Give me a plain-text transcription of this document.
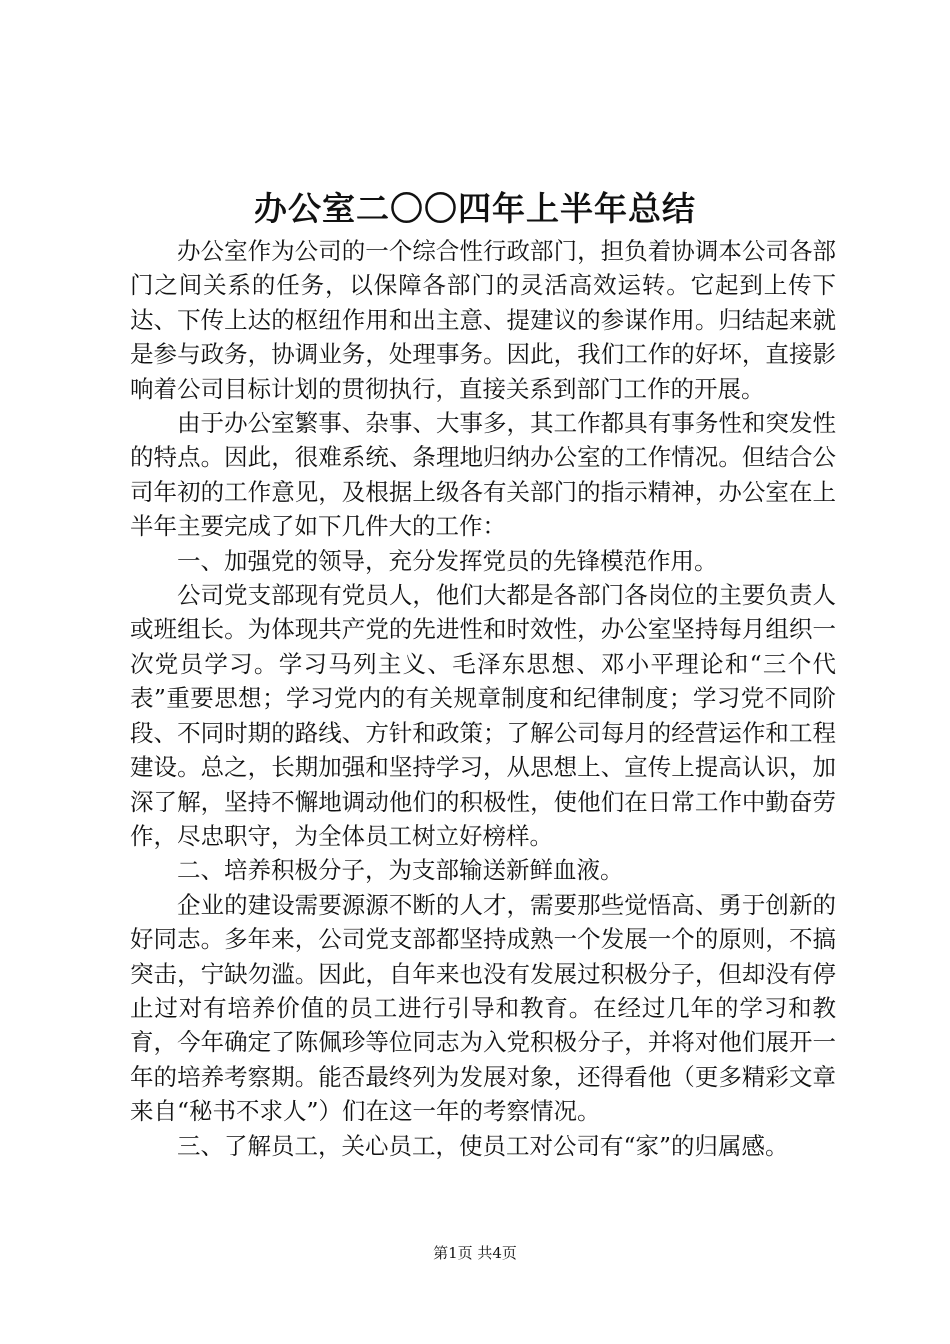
办公室二〇〇四年上半年总结

办公室作为公司的一个综合性行政部门，担负着协调本公司各部门之间关系的任务，以保障各部门的灵活高效运转。它起到上传下达、下传上达的枢纽作用和出主意、提建议的参谋作用。归结起来就是参与政务，协调业务，处理事务。因此，我们工作的好坏，直接影响着公司目标计划的贯彻执行，直接关系到部门工作的开展。

由于办公室繁事、杂事、大事多，其工作都具有事务性和突发性的特点。因此，很难系统、条理地归纳办公室的工作情况。但结合公司年初的工作意见，及根据上级各有关部门的指示精神，办公室在上半年主要完成了如下几件大的工作：

一、加强党的领导，充分发挥党员的先锋模范作用。

公司党支部现有党员人，他们大都是各部门各岗位的主要负责人或班组长。为体现共产党的先进性和时效性，办公室坚持每月组织一次党员学习。学习马列主义、毛泽东思想、邓小平理论和“三个代表”重要思想；学习党内的有关规章制度和纪律制度；学习党不同阶段、不同时期的路线、方针和政策；了解公司每月的经营运作和工程建设。总之，长期加强和坚持学习，从思想上、宣传上提高认识，加深了解，坚持不懈地调动他们的积极性，使他们在日常工作中勤奋劳作，尽忠职守，为全体员工树立好榜样。

二、培养积极分子，为支部输送新鲜血液。

企业的建设需要源源不断的人才，需要那些觉悟高、勇于创新的好同志。多年来，公司党支部都坚持成熟一个发展一个的原则，不搞突击，宁缺勿滥。因此，自年来也没有发展过积极分子，但却没有停止过对有培养价值的员工进行引导和教育。在经过几年的学习和教育，今年确定了陈佩珍等位同志为入党积极分子，并将对他们展开一年的培养考察期。能否最终列为发展对象，还得看他（更多精彩文章来自“秘书不求人”）们在这一年的考察情况。

三、了解员工，关心员工，使员工对公司有“家”的归属感。

第1页 共4页
